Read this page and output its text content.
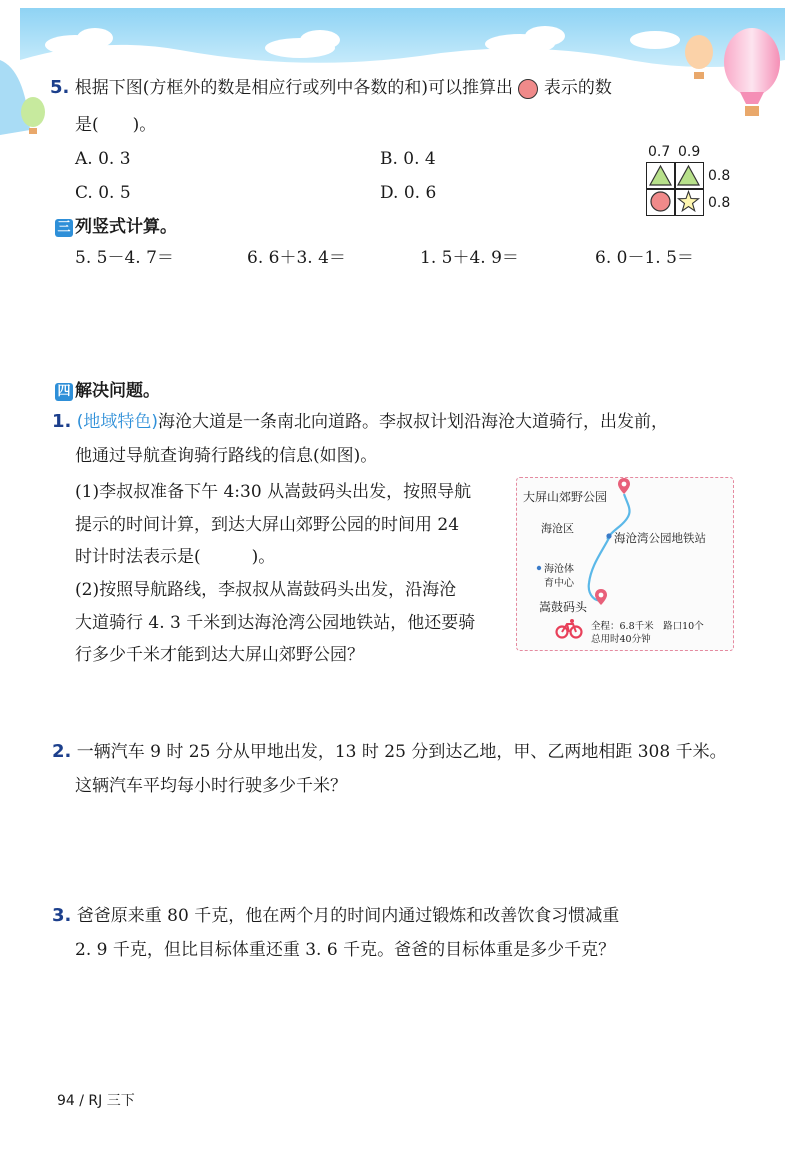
5. 根据下图(方框外的数是相应行或列中各数的和)可以推算出 表示的数
是(　　)。
A. 0. 3	B. 0. 4
C. 0. 5	D. 0. 6
0.7 0.9
0.8
0.8
三 列竖式计算。
5. 5－4. 7＝	6. 6＋3. 4＝	1. 5＋4. 9＝	6. 0－1. 5＝
四 解决问题。
1. (地域特色)海沧大道是一条南北向道路。李叔叔计划沿海沧大道骑行，出发前，
他通过导航查询骑行路线的信息(如图)。
(1)李叔叔准备下午 4:30 从嵩鼓码头出发，按照导航
提示的时间计算，到达大屏山郊野公园的时间用 24
时计时法表示是(　　　)。
(2)按照导航路线，李叔叔从嵩鼓码头出发，沿海沧
大道骑行 4. 3 千米到达海沧湾公园地铁站，他还要骑
行多少千米才能到达大屏山郊野公园？
大屏山郊野公园
海沧区
海沧湾公园地铁站
海沧体
育中心
嵩鼓码头
全程：6.8千米　路口10个
总用时40分钟
2. 一辆汽车 9 时 25 分从甲地出发，13 时 25 分到达乙地，甲、乙两地相距 308 千米。
这辆汽车平均每小时行驶多少千米？
3. 爸爸原来重 80 千克，他在两个月的时间内通过锻炼和改善饮食习惯减重
2. 9 千克，但比目标体重还重 3. 6 千克。爸爸的目标体重是多少千克？
94 / RJ 三下
